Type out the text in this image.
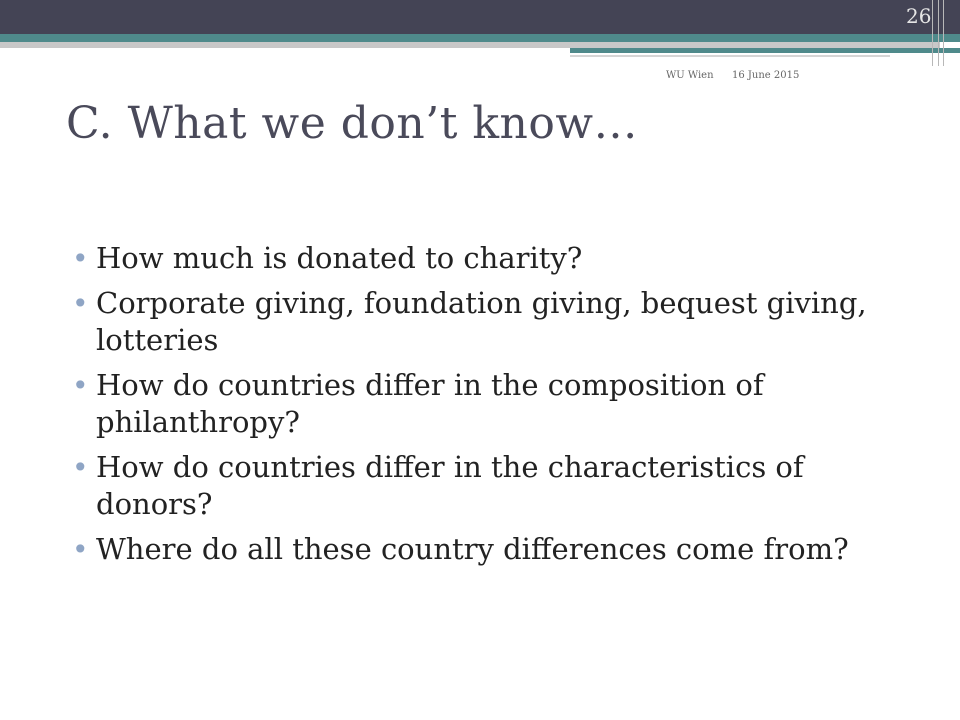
26
WU Wien 16 June 2015
C. What we don’t know…
• How much is donated to charity?
• Corporate giving, foundation giving, bequest giving, lotteries
• How do countries differ in the composition of philanthropy?
• How do countries differ in the characteristics of donors?
• Where do all these country differences come from?
